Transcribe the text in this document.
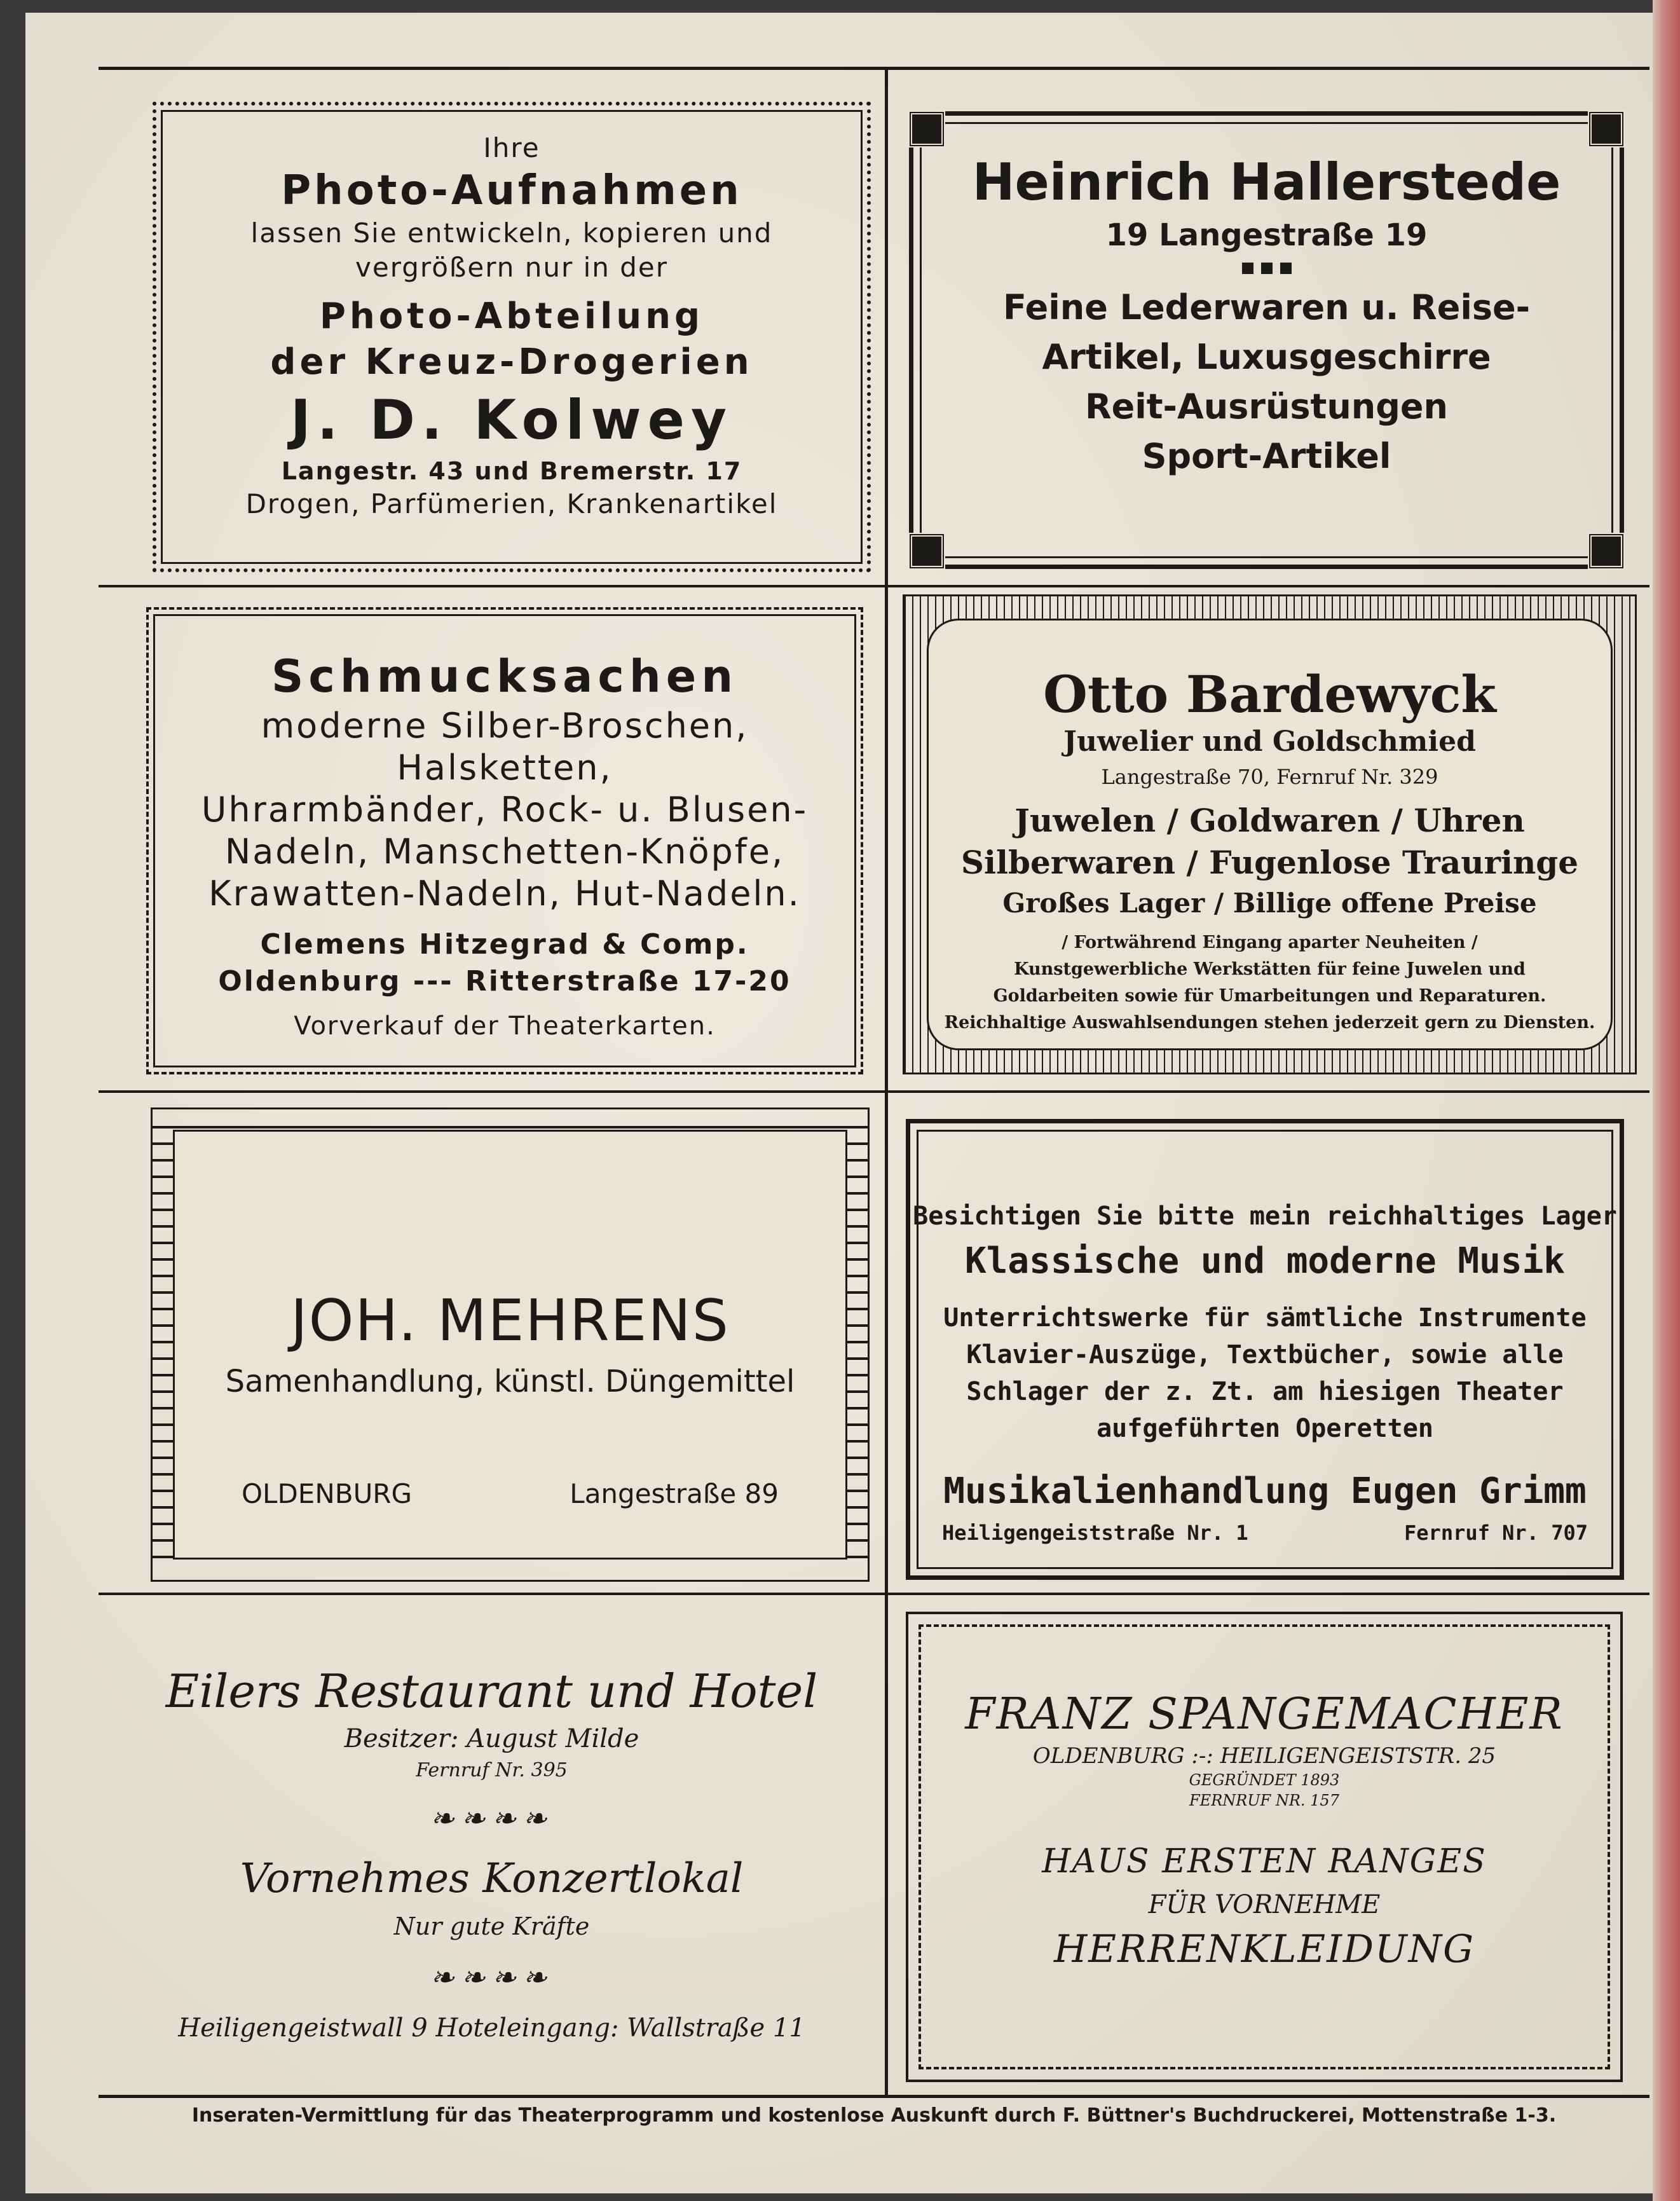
Ihre
Photo-Aufnahmen
lassen Sie entwickeln, kopieren und
vergrößern nur in der
Photo-Abteilung
der Kreuz-Drogerien
J. D. Kolwey
Langestr. 43 und Bremerstr. 17
Drogen, Parfümerien, Krankenartikel
Heinrich Hallerstede
19 Langestraße 19
Feine Lederwaren u. Reise-
Artikel, Luxusgeschirre
Reit-Ausrüstungen
Sport-Artikel
Schmucksachen
moderne Silber-Broschen,
Halsketten,
Uhrarmbänder, Rock- u. Blusen-
Nadeln, Manschetten-Knöpfe,
Krawatten-Nadeln, Hut-Nadeln.
Clemens Hitzegrad & Comp.
Oldenburg --- Ritterstraße 17-20
Vorverkauf der Theaterkarten.
Otto Bardewyck
Juwelier und Goldschmied
Langestraße 70, Fernruf Nr. 329
Juwelen / Goldwaren / Uhren
Silberwaren / Fugenlose Trauringe
Großes Lager / Billige offene Preise
/ Fortwährend Eingang aparter Neuheiten /
Kunstgewerbliche Werkstätten für feine Juwelen und
Goldarbeiten sowie für Umarbeitungen und Reparaturen.
Reichhaltige Auswahlsendungen stehen jederzeit gern zu Diensten.
JOH. MEHRENS
Samenhandlung, künstl. Düngemittel
OLDENBURG	Langestraße 89
Besichtigen Sie bitte mein reichhaltiges Lager
Klassische und moderne Musik
Unterrichtswerke für sämtliche Instrumente
Klavier-Auszüge, Textbücher, sowie alle
Schlager der z. Zt. am hiesigen Theater
aufgeführten Operetten
Musikalienhandlung Eugen Grimm
Heiligengeiststraße Nr. 1	Fernruf Nr. 707
Eilers Restaurant und Hotel
Besitzer: August Milde
Fernruf Nr. 395
❧❧❧❧
Vornehmes Konzertlokal
Nur gute Kräfte
❧❧❧❧
Heiligengeistwall 9 Hoteleingang: Wallstraße 11
FRANZ SPANGEMACHER
OLDENBURG :-: HEILIGENGEISTSTR. 25
GEGRÜNDET 1893
FERNRUF NR. 157
HAUS ERSTEN RANGES
FÜR VORNEHME
HERRENKLEIDUNG
Inseraten-Vermittlung für das Theaterprogramm und kostenlose Auskunft durch F. Büttner's Buchdruckerei, Mottenstraße 1-3.
